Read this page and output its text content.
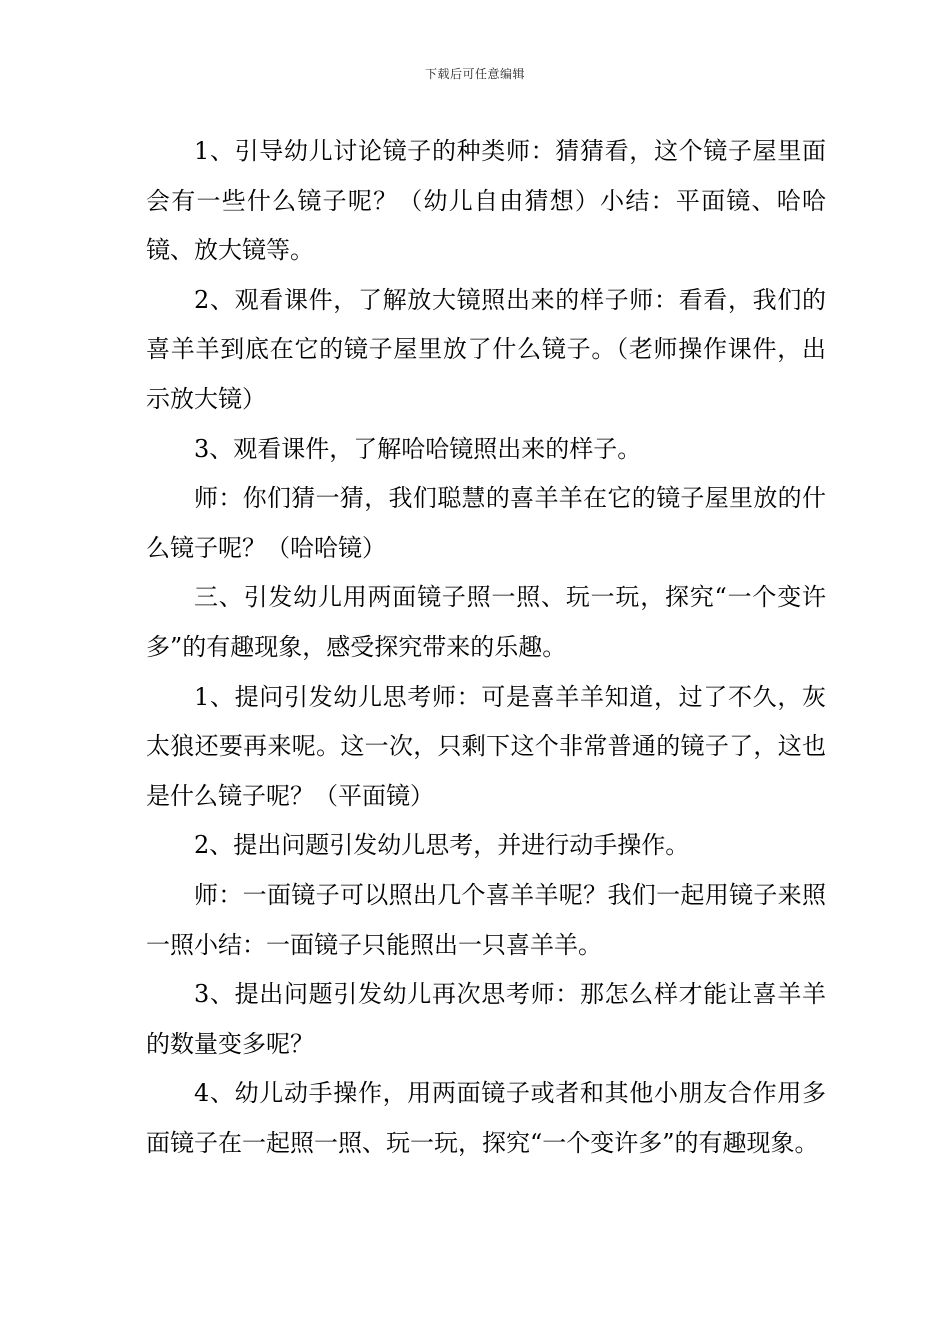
下载后可任意编辑

1、引导幼儿讨论镜子的种类师：猜猜看，这个镜子屋里面会有一些什么镜子呢？（幼儿自由猜想）小结：平面镜、哈哈镜、放大镜等。

2、观看课件，了解放大镜照出来的样子师：看看，我们的喜羊羊到底在它的镜子屋里放了什么镜子。（老师操作课件，出示放大镜）

3、观看课件，了解哈哈镜照出来的样子。

师：你们猜一猜，我们聪慧的喜羊羊在它的镜子屋里放的什么镜子呢？（哈哈镜）

三、引发幼儿用两面镜子照一照、玩一玩，探究“一个变许多”的有趣现象，感受探究带来的乐趣。

1、提问引发幼儿思考师：可是喜羊羊知道，过了不久，灰太狼还要再来呢。这一次，只剩下这个非常普通的镜子了，这也是什么镜子呢？（平面镜）

2、提出问题引发幼儿思考，并进行动手操作。

师：一面镜子可以照出几个喜羊羊呢？我们一起用镜子来照一照小结：一面镜子只能照出一只喜羊羊。

3、提出问题引发幼儿再次思考师：那怎么样才能让喜羊羊的数量变多呢？

4、幼儿动手操作，用两面镜子或者和其他小朋友合作用多面镜子在一起照一照、玩一玩，探究“一个变许多”的有趣现象。
